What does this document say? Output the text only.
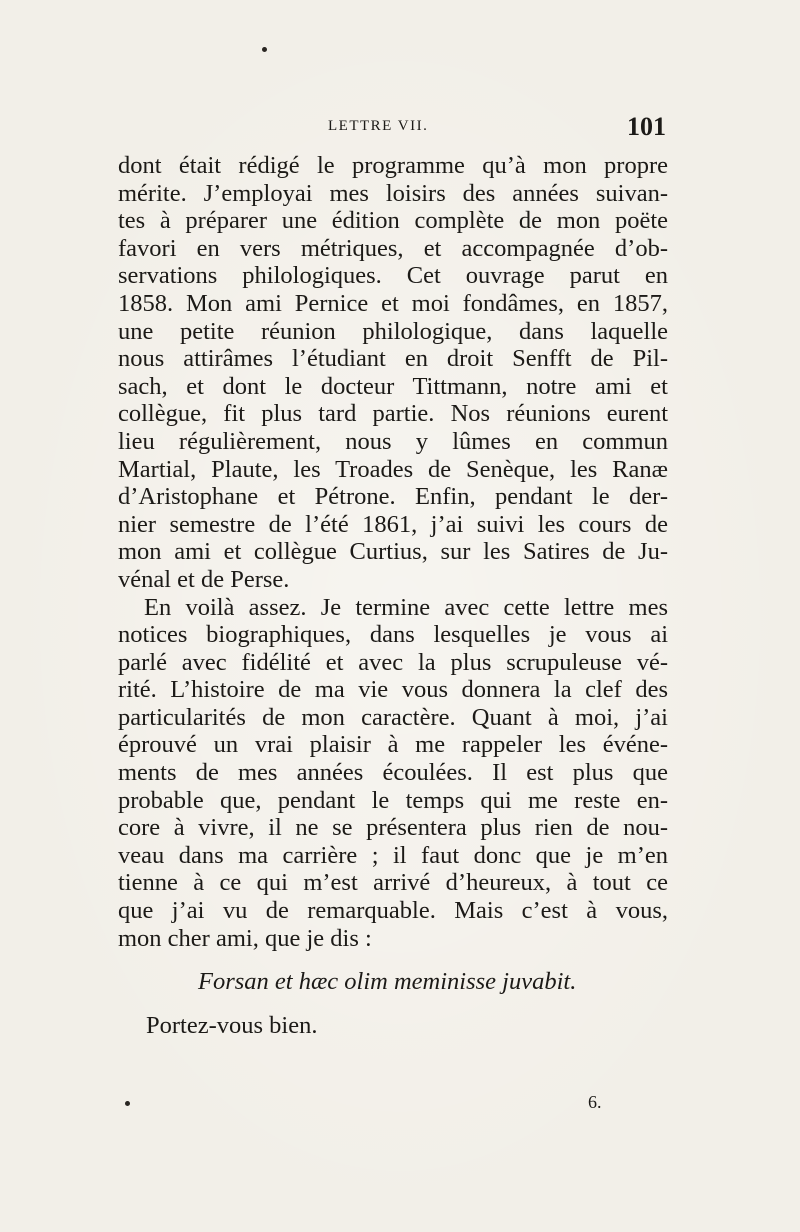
LETTRE VII.	101
dont était rédigé le programme qu’à mon propre
mérite. J’employai mes loisirs des années suivan-
tes à préparer une édition complète de mon poëte
favori en vers métriques, et accompagnée d’ob-
servations philologiques. Cet ouvrage parut en
1858. Mon ami Pernice et moi fondâmes, en 1857,
une petite réunion philologique, dans laquelle
nous attirâmes l’étudiant en droit Senfft de Pil-
sach, et dont le docteur Tittmann, notre ami et
collègue, fit plus tard partie. Nos réunions eurent
lieu régulièrement, nous y lûmes en commun
Martial, Plaute, les Troades de Senèque, les Ranæ
d’Aristophane et Pétrone. Enfin, pendant le der-
nier semestre de l’été 1861, j’ai suivi les cours de
mon ami et collègue Curtius, sur les Satires de Ju-
vénal et de Perse.
En voilà assez. Je termine avec cette lettre mes
notices biographiques, dans lesquelles je vous ai
parlé avec fidélité et avec la plus scrupuleuse vé-
rité. L’histoire de ma vie vous donnera la clef des
particularités de mon caractère. Quant à moi, j’ai
éprouvé un vrai plaisir à me rappeler les événe-
ments de mes années écoulées. Il est plus que
probable que, pendant le temps qui me reste en-
core à vivre, il ne se présentera plus rien de nou-
veau dans ma carrière ; il faut donc que je m’en
tienne à ce qui m’est arrivé d’heureux, à tout ce
que j’ai vu de remarquable. Mais c’est à vous,
mon cher ami, que je dis :
Forsan et hæc olim meminisse juvabit.
Portez-vous bien.
6.
